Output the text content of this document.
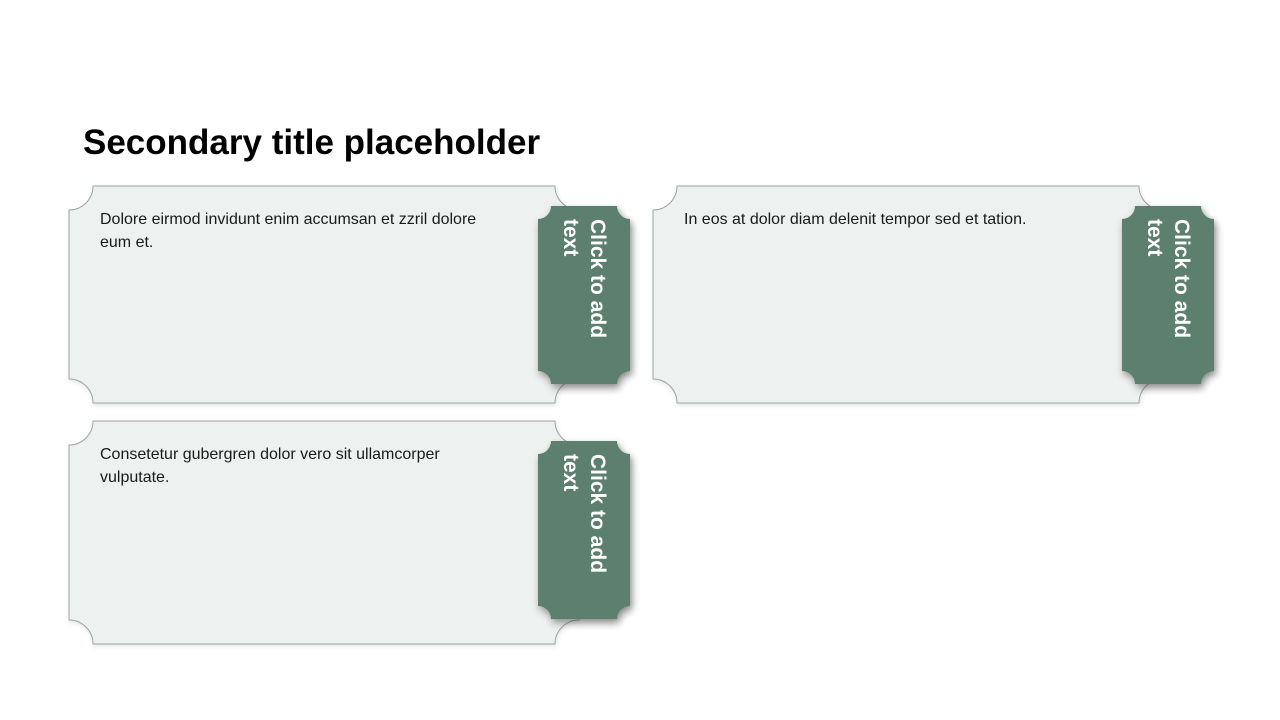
Secondary title placeholder
Dolore eirmod invidunt enim accumsan et zzril dolore eum et.	Click to add text	In eos at dolor diam delenit tempor sed et tation.	Click to add text
Consetetur gubergren dolor vero sit ullamcorper vulputate.	Click to add text
